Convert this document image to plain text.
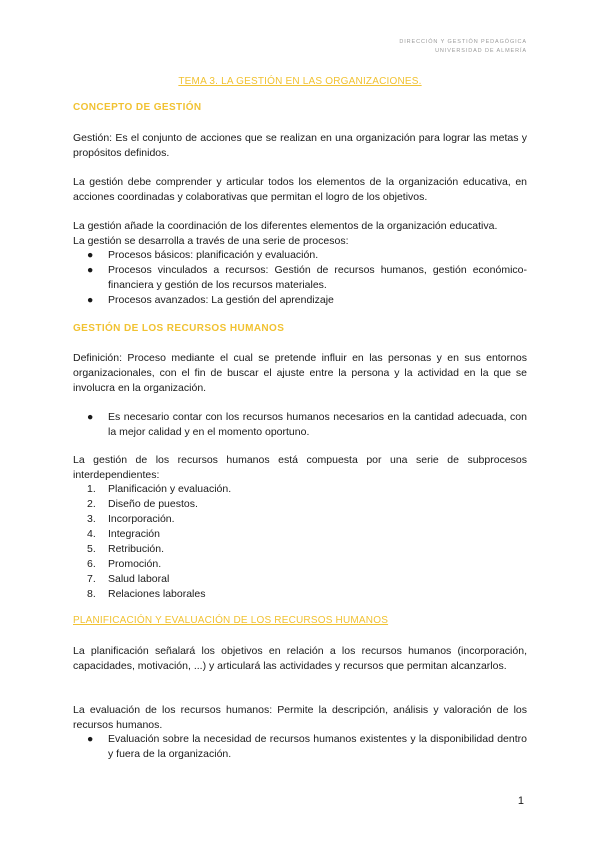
DIRECCIÓN Y GESTIÓN PEDAGÓGICA
UNIVERSIDAD DE ALMERÍA
TEMA 3. LA GESTIÓN EN LAS ORGANIZACIONES.
CONCEPTO DE GESTIÓN

Gestión: Es el conjunto de acciones que se realizan en una organización para lograr las metas y propósitos definidos.

La gestión debe comprender y articular todos los elementos de la organización educativa, en acciones coordinadas y colaborativas que permitan el logro de los objetivos.

La gestión añade la coordinación de los diferentes elementos de la organización educativa.

La gestión se desarrolla a través de una serie de procesos:

● Procesos básicos: planificación y evaluación.
● Procesos vinculados a recursos: Gestión de recursos humanos, gestión económico-financiera y gestión de los recursos materiales.
● Procesos avanzados: La gestión del aprendizaje
GESTIÓN DE LOS RECURSOS HUMANOS

Definición: Proceso mediante el cual se pretende influir en las personas y en sus entornos organizacionales, con el fin de buscar el ajuste entre la persona y la actividad en la que se involucra en la organización.

● Es necesario contar con los recursos humanos necesarios en la cantidad adecuada, con la mejor calidad y en el momento oportuno.

La gestión de los recursos humanos está compuesta por una serie de subprocesos interdependientes:

1. Planificación y evaluación.
2. Diseño de puestos.
3. Incorporación.
4. Integración
5. Retribución.
6. Promoción.
7. Salud laboral
8. Relaciones laborales
PLANIFICACIÓN Y EVALUACIÓN DE LOS RECURSOS HUMANOS

La planificación señalará los objetivos en relación a los recursos humanos (incorporación, capacidades, motivación, ...) y articulará las actividades y recursos que permitan alcanzarlos.

La evaluación de los recursos humanos: Permite la descripción, análisis y valoración de los recursos humanos.

● Evaluación sobre la necesidad de recursos humanos existentes y la disponibilidad dentro y fuera de la organización.
1
